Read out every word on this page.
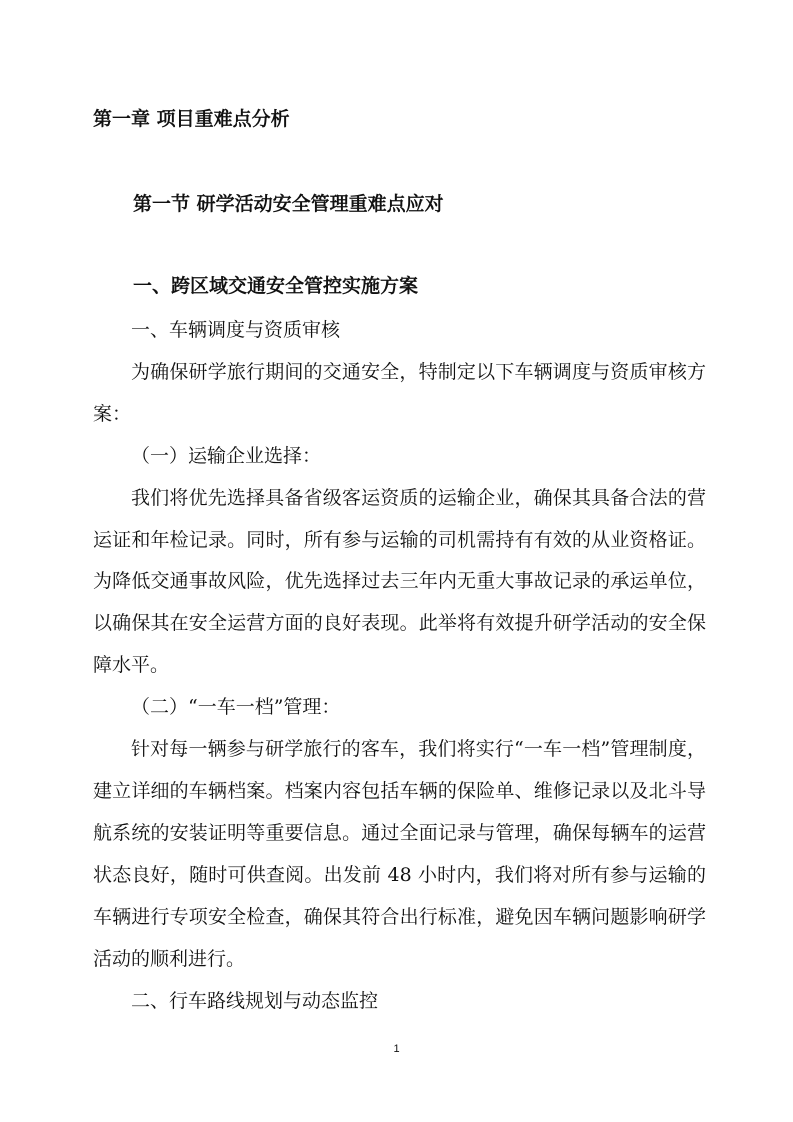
第一章 项目重难点分析
第一节 研学活动安全管理重难点应对
一、跨区域交通安全管控实施方案

一、车辆调度与资质审核

为确保研学旅行期间的交通安全，特制定以下车辆调度与资质审核方案：

（一）运输企业选择：

我们将优先选择具备省级客运资质的运输企业，确保其具备合法的营运证和年检记录。同时，所有参与运输的司机需持有有效的从业资格证。为降低交通事故风险，优先选择过去三年内无重大事故记录的承运单位，以确保其在安全运营方面的良好表现。此举将有效提升研学活动的安全保障水平。

（二）“一车一档”管理：

针对每一辆参与研学旅行的客车，我们将实行“一车一档”管理制度，建立详细的车辆档案。档案内容包括车辆的保险单、维修记录以及北斗导航系统的安装证明等重要信息。通过全面记录与管理，确保每辆车的运营状态良好，随时可供查阅。出发前 48 小时内，我们将对所有参与运输的车辆进行专项安全检查，确保其符合出行标准，避免因车辆问题影响研学活动的顺利进行。

二、行车路线规划与动态监控

1
